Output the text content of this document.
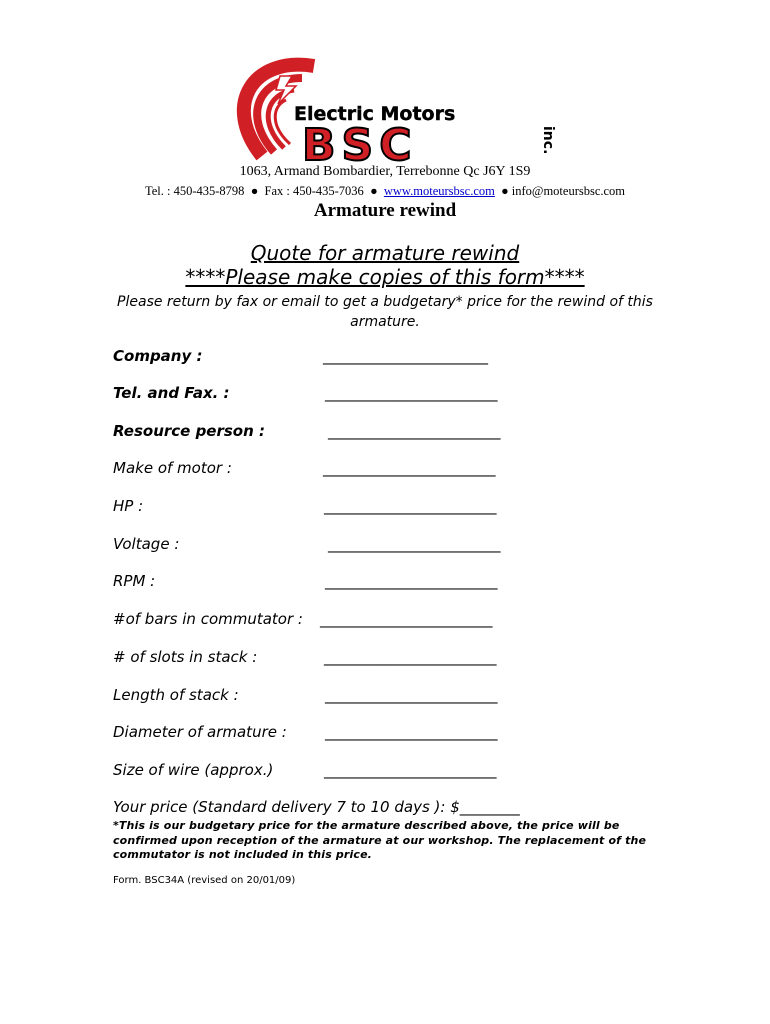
Electric Motors
BSC	inc.
1063, Armand Bombardier, Terrebonne Qc J6Y 1S9
Tel. : 450-435-8798 ● Fax : 450-435-7036 ● www.moteursbsc.com ● info@moteursbsc.com
Armature rewind
Quote for armature rewind
****Please make copies of this form****
Please return by fax or email to get a budgetary* price for the rewind of this armature.
Company :	______________________
Tel. and Fax. :	_______________________
Resource person :	_______________________
Make of motor :	_______________________
HP :	_______________________
Voltage :	_______________________
RPM :	_______________________
#of bars in commutator : _______________________
# of slots in stack :	_______________________
Length of stack :	_______________________
Diameter of armature :	_______________________
Size of wire (approx.)	_______________________
Your price (Standard delivery 7 to 10 days ): $________
*This is our budgetary price for the armature described above, the price will be confirmed upon reception of the armature at our workshop. The replacement of the commutator is not included in this price.
Form. BSC34A (revised on 20/01/09)
